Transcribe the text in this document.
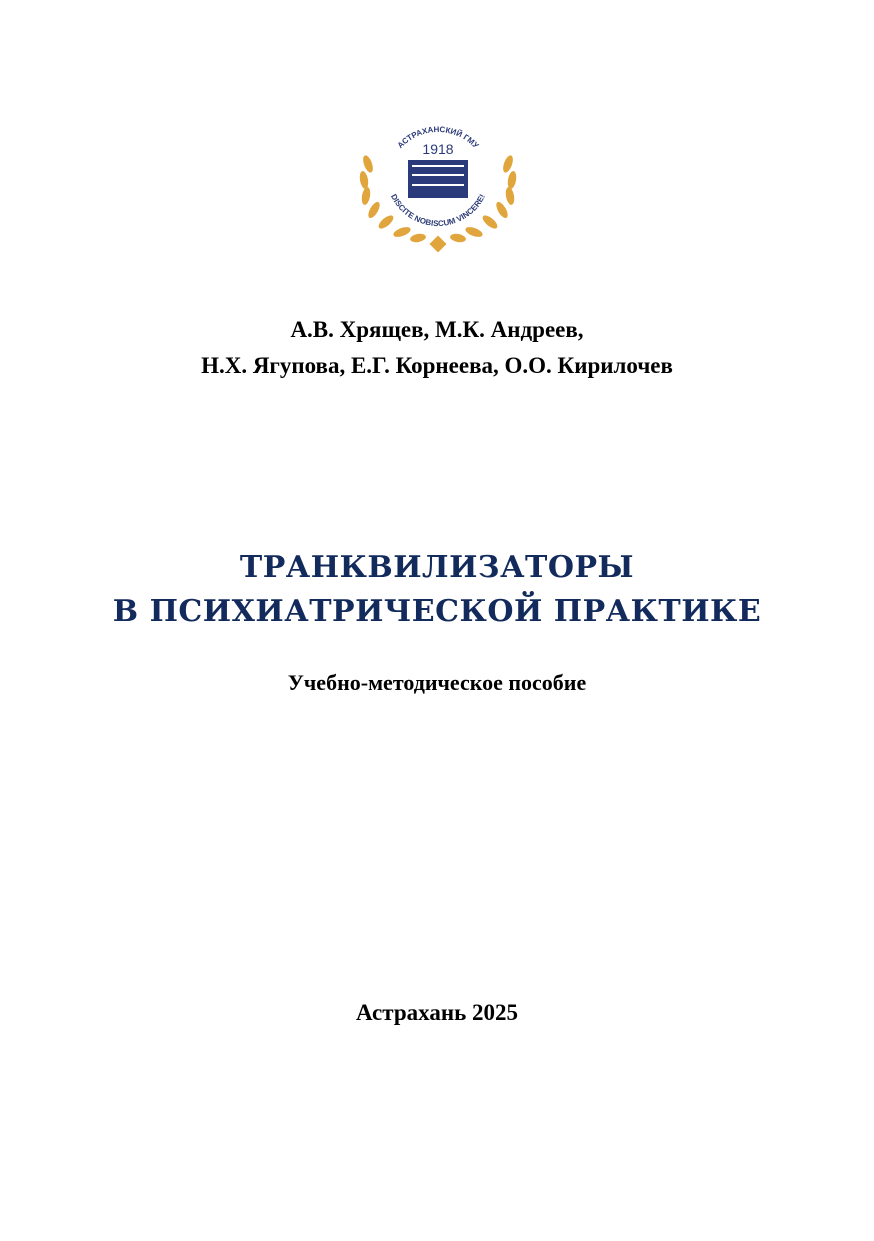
1918
АСТРАХАНСКИЙ ГМУ
DISCITE NOBISCUM VINCERE!
А.В. Хрящев, М.К. Андреев,
Н.Х. Ягупова, Е.Г. Корнеева, О.О. Кирилочев
ТРАНКВИЛИЗАТОРЫ
В ПСИХИАТРИЧЕСКОЙ ПРАКТИКЕ
Учебно-методическое пособие
Астрахань 2025
